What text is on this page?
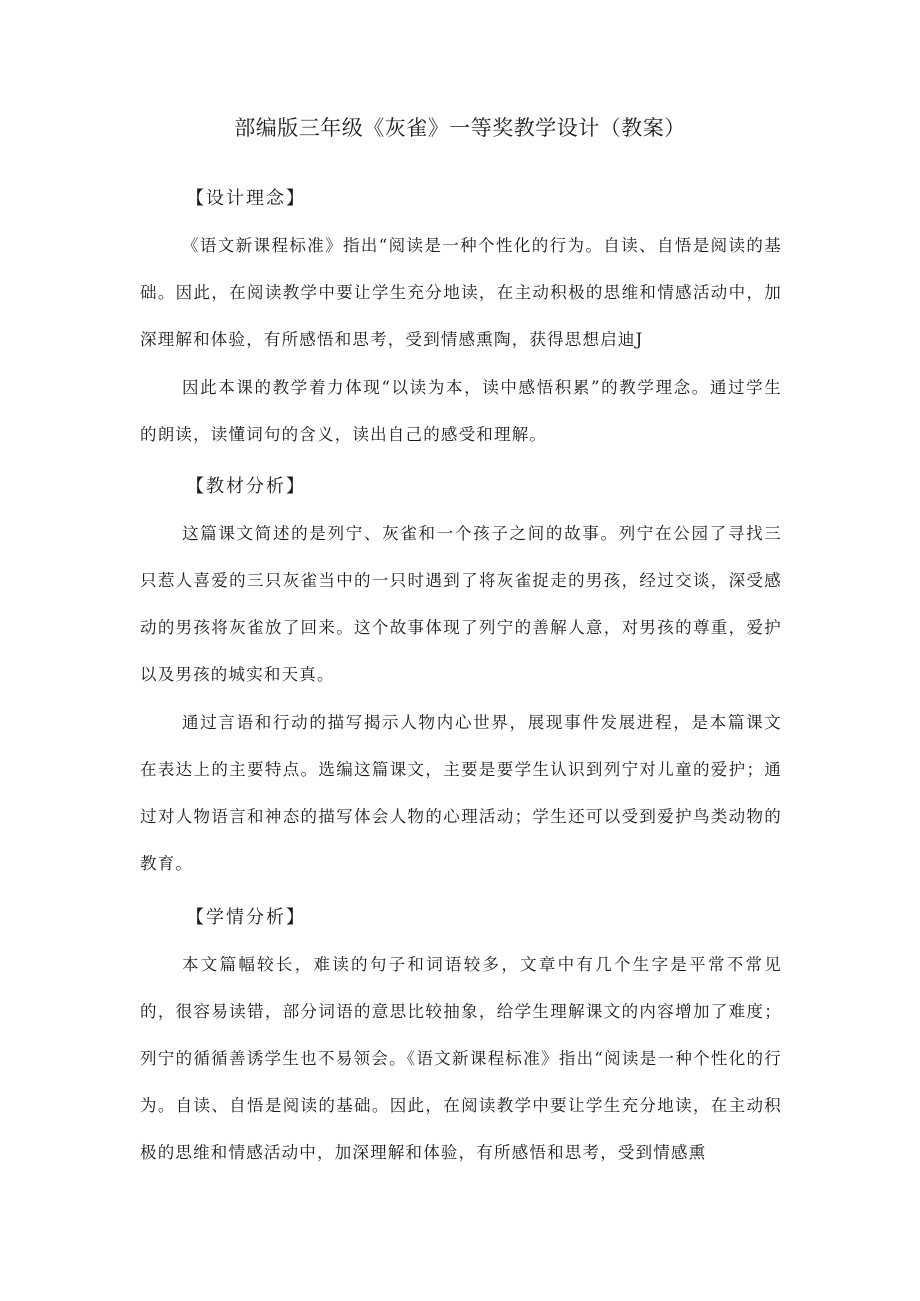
部编版三年级《灰雀》一等奖教学设计（教案）
【设计理念】

《语文新课程标准》指出“阅读是一种个性化的行为。自读、自悟是阅读的基础。因此，在阅读教学中要让学生充分地读，在主动积极的思维和情感活动中，加深理解和体验，有所感悟和思考，受到情感熏陶，获得思想启迪J

因此本课的教学着力体现“以读为本，读中感悟积累”的教学理念。通过学生的朗读，读懂词句的含义，读出自己的感受和理解。

【教材分析】

这篇课文简述的是列宁、灰雀和一个孩子之间的故事。列宁在公园了寻找三只惹人喜爱的三只灰雀当中的一只时遇到了将灰雀捉走的男孩，经过交谈，深受感动的男孩将灰雀放了回来。这个故事体现了列宁的善解人意，对男孩的尊重，爱护以及男孩的城实和天真。

通过言语和行动的描写揭示人物内心世界，展现事件发展进程，是本篇课文在表达上的主要特点。选编这篇课文，主要是要学生认识到列宁对儿童的爱护；通过对人物语言和神态的描写体会人物的心理活动；学生还可以受到爱护鸟类动物的教育。

【学情分析】

本文篇幅较长，难读的句子和词语较多，文章中有几个生字是平常不常见的，很容易读错，部分词语的意思比较抽象，给学生理解课文的内容增加了难度；列宁的循循善诱学生也不易领会。《语文新课程标准》指出“阅读是一种个性化的行为。自读、自悟是阅读的基础。因此，在阅读教学中要让学生充分地读，在主动积极的思维和情感活动中，加深理解和体验，有所感悟和思考，受到情感熏
